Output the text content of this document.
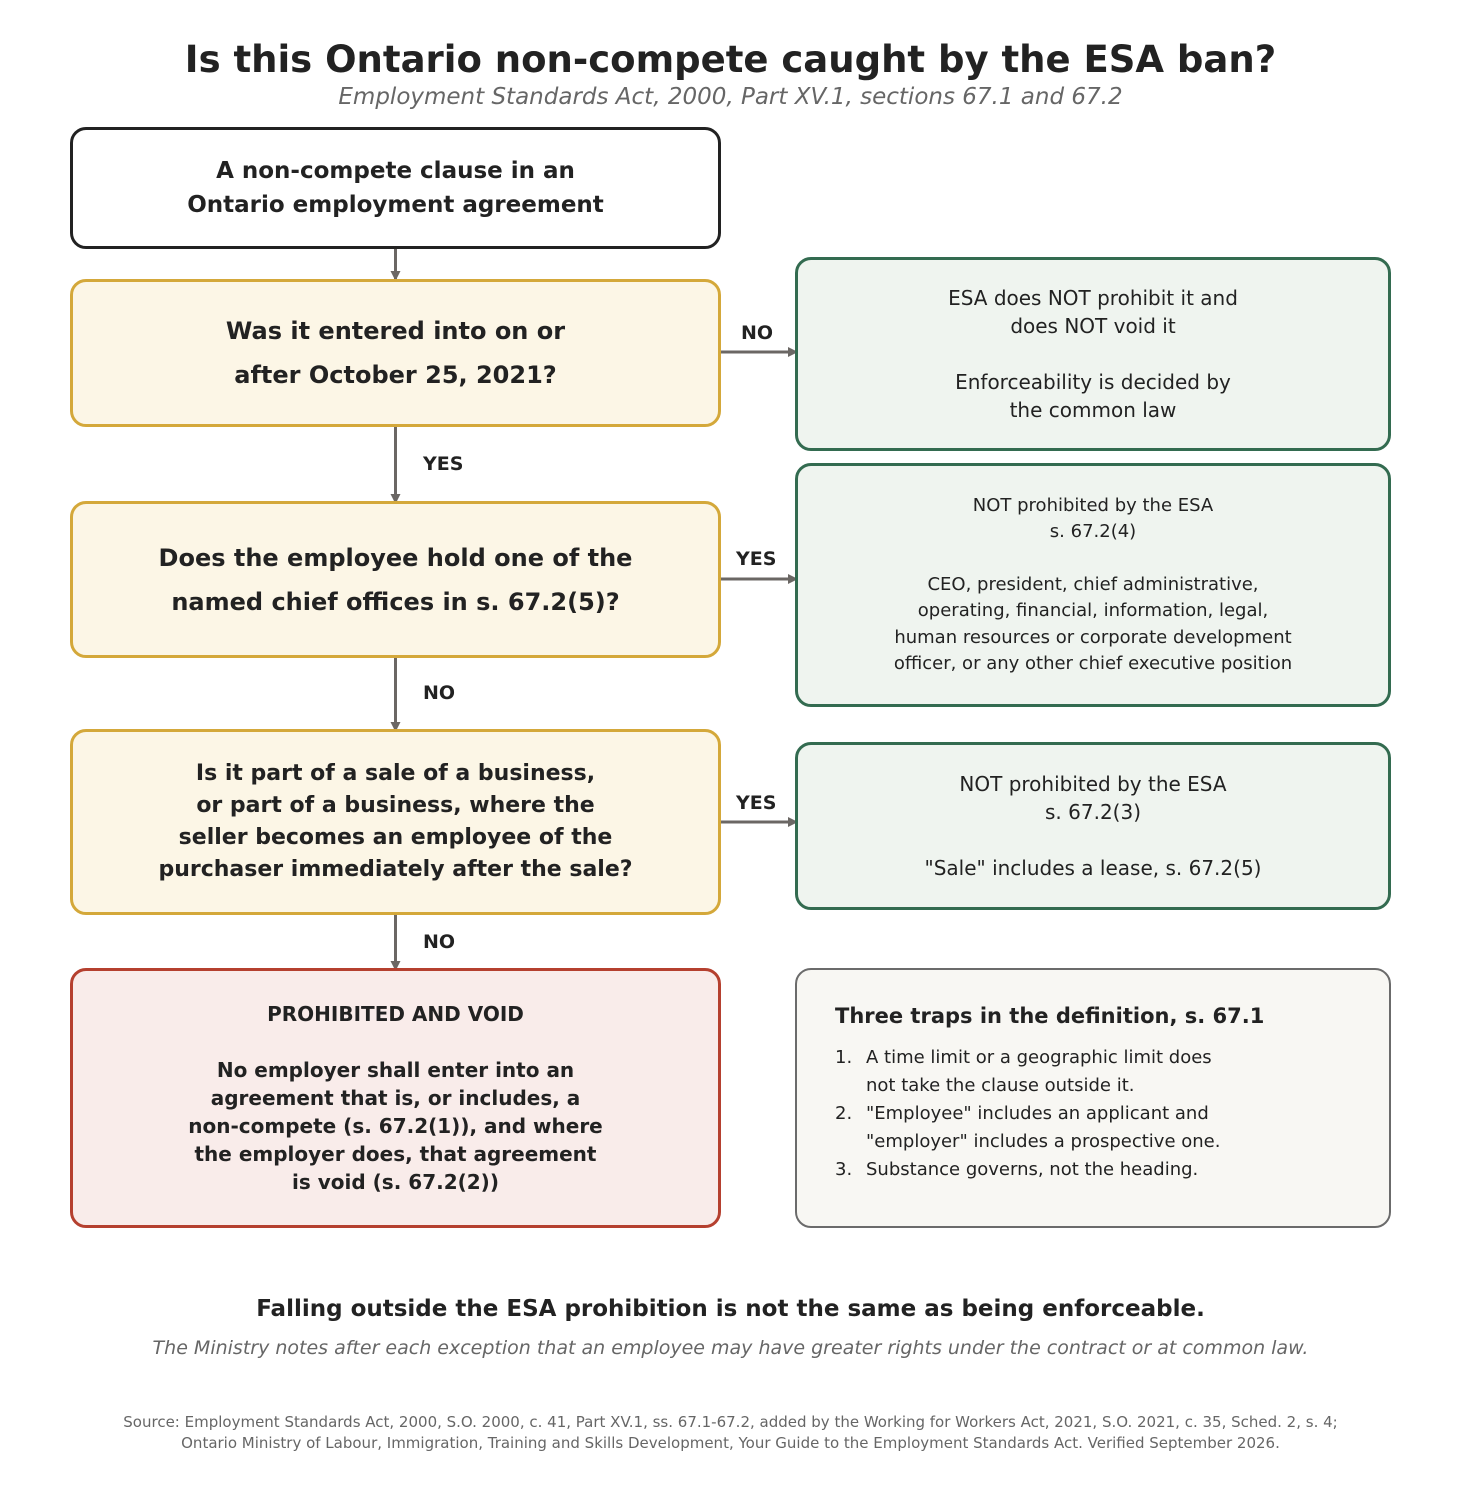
Is this Ontario non-compete caught by the ESA ban?
Employment Standards Act, 2000, Part XV.1, sections 67.1 and 67.2
A non-compete clause in an
Ontario employment agreement
Was it entered into on or
after October 25, 2021?
Does the employee hold one of the
named chief offices in s. 67.2(5)?
Is it part of a sale of a business,
or part of a business, where the
seller becomes an employee of the
purchaser immediately after the sale?
NO
YES
YES
NO
YES
NO
ESA does NOT prohibit it and
does NOT void it
Enforceability is decided by
the common law
NOT prohibited by the ESA
s. 67.2(4)
CEO, president, chief administrative,
operating, financial, information, legal,
human resources or corporate development
officer, or any other chief executive position
NOT prohibited by the ESA
s. 67.2(3)
"Sale" includes a lease, s. 67.2(5)
PROHIBITED AND VOID
No employer shall enter into an
agreement that is, or includes, a
non-compete (s. 67.2(1)), and where
the employer does, that agreement
is void (s. 67.2(2))
Three traps in the definition, s. 67.1
1. A time limit or a geographic limit does
not take the clause outside it.
2. "Employee" includes an applicant and
"employer" includes a prospective one.
3. Substance governs, not the heading.
Falling outside the ESA prohibition is not the same as being enforceable.
The Ministry notes after each exception that an employee may have greater rights under the contract or at common law.
Source: Employment Standards Act, 2000, S.O. 2000, c. 41, Part XV.1, ss. 67.1-67.2, added by the Working for Workers Act, 2021, S.O. 2021, c. 35, Sched. 2, s. 4;
Ontario Ministry of Labour, Immigration, Training and Skills Development, Your Guide to the Employment Standards Act. Verified September 2026.
